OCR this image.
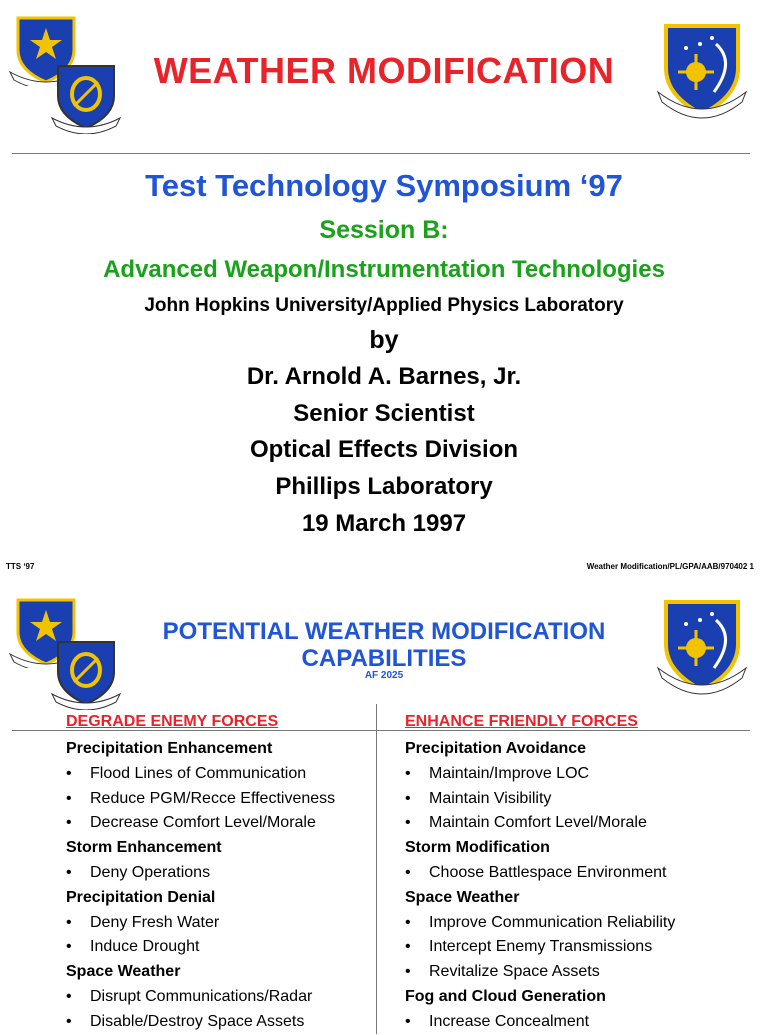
WEATHER MODIFICATION
Test Technology Symposium ‘97
Session B:
Advanced Weapon/Instrumentation Technologies
John Hopkins University/Applied Physics Laboratory
by
Dr. Arnold A. Barnes, Jr.
Senior Scientist
Optical Effects Division
Phillips Laboratory
19 March 1997
TTS ‘97	Weather Modification/PL/GPA/AAB/970402 1
POTENTIAL WEATHER MODIFICATION
CAPABILITIES
AF 2025
DEGRADE ENEMY FORCES
Precipitation Enhancement
• Flood Lines of Communication
• Reduce PGM/Recce Effectiveness
• Decrease Comfort Level/Morale
Storm Enhancement
• Deny Operations
Precipitation Denial
• Deny Fresh Water
• Induce Drought
Space Weather
• Disrupt Communications/Radar
• Disable/Destroy Space Assets
ENHANCE FRIENDLY FORCES
Precipitation Avoidance
• Maintain/Improve LOC
• Maintain Visibility
• Maintain Comfort Level/Morale
Storm Modification
• Choose Battlespace Environment
Space Weather
• Improve Communication Reliability
• Intercept Enemy Transmissions
• Revitalize Space Assets
Fog and Cloud Generation
• Increase Concealment
